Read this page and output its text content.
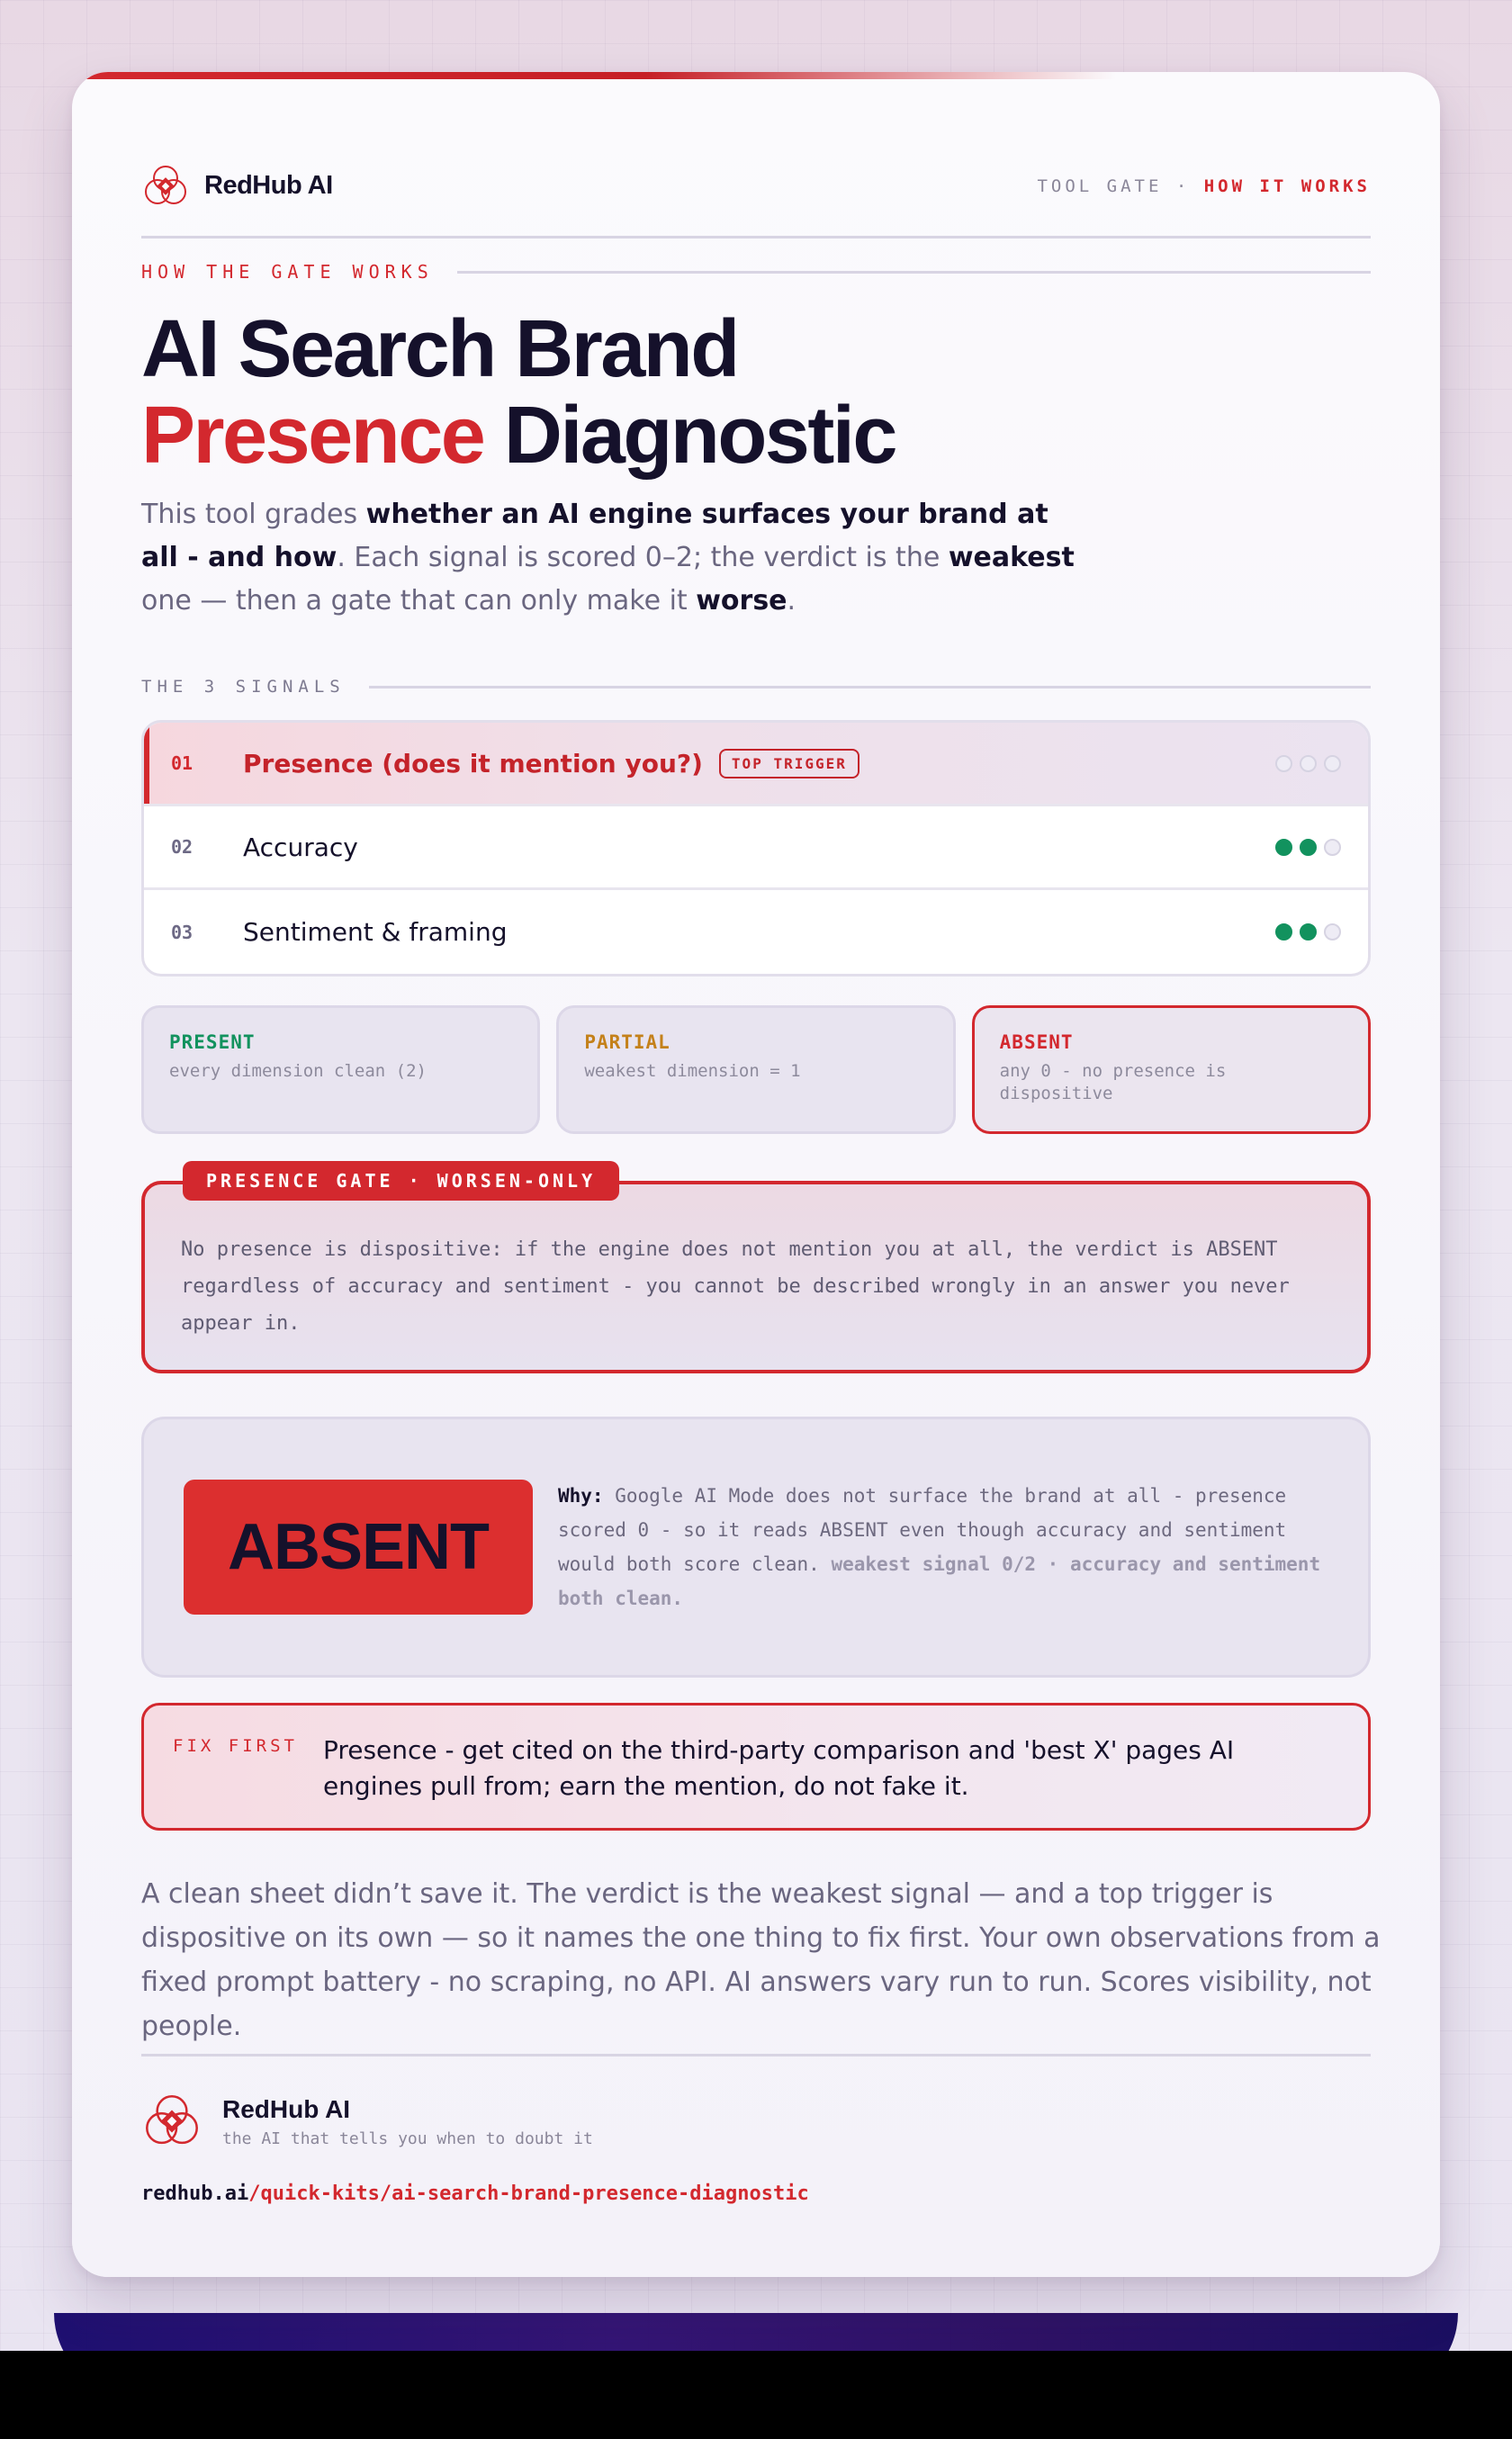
RedHub AI	TOOL GATE · HOW IT WORKS
HOW THE GATE WORKS
AI Search Brand
Presence Diagnostic

This tool grades whether an AI engine surfaces your brand at all - and how. Each signal is scored 0–2; the verdict is the weakest one — then a gate that can only make it worse.

THE 3 SIGNALS
01	Presence (does it mention you?)	TOP TRIGGER
02	Accuracy
03	Sentiment & framing
PRESENT
every dimension clean (2)
PARTIAL
weakest dimension = 1
ABSENT
any 0 - no presence is dispositive
PRESENCE GATE · WORSEN-ONLY

No presence is dispositive: if the engine does not mention you at all, the verdict is ABSENT regardless of accuracy and sentiment - you cannot be described wrongly in an answer you never appear in.

ABSENT

Why: Google AI Mode does not surface the brand at all - presence scored 0 - so it reads ABSENT even though accuracy and sentiment would both score clean. weakest signal 0/2 · accuracy and sentiment both clean.

FIX FIRST Presence - get cited on the third-party comparison and 'best X' pages AI engines pull from; earn the mention, do not fake it.

A clean sheet didn’t save it. The verdict is the weakest signal — and a top trigger is dispositive on its own — so it names the one thing to fix first. Your own observations from a fixed prompt battery - no scraping, no API. AI answers vary run to run. Scores visibility, not people.

RedHub AI
the AI that tells you when to doubt it
redhub.ai/quick-kits/ai-search-brand-presence-diagnostic
